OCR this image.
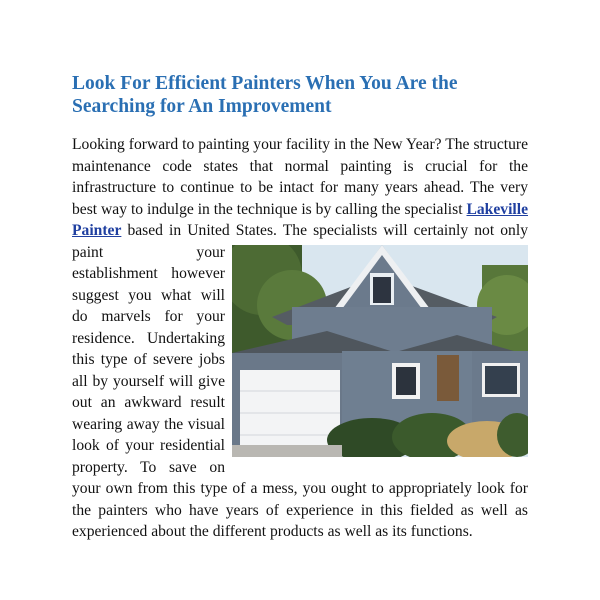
Look For Efficient Painters When You Are the Searching for An Improvement

Looking forward to painting your facility in the New Year? The structure maintenance code states that normal painting is crucial for the infrastructure to continue to be intact for many years ahead. The very best way to indulge in the technique is by calling the specialist Lakeville Painter based in United States. The specialists will certainly not only paint your
establishment however suggest you what will do marvels for your residence. Undertaking this type of severe jobs all by yourself will give out an awkward result wearing away the visual look of your residential property. To save on your own from this type of a mess, you ought to appropriately look for the painters who have years of experience in this fielded as well as experienced about the different products as well as its functions.
